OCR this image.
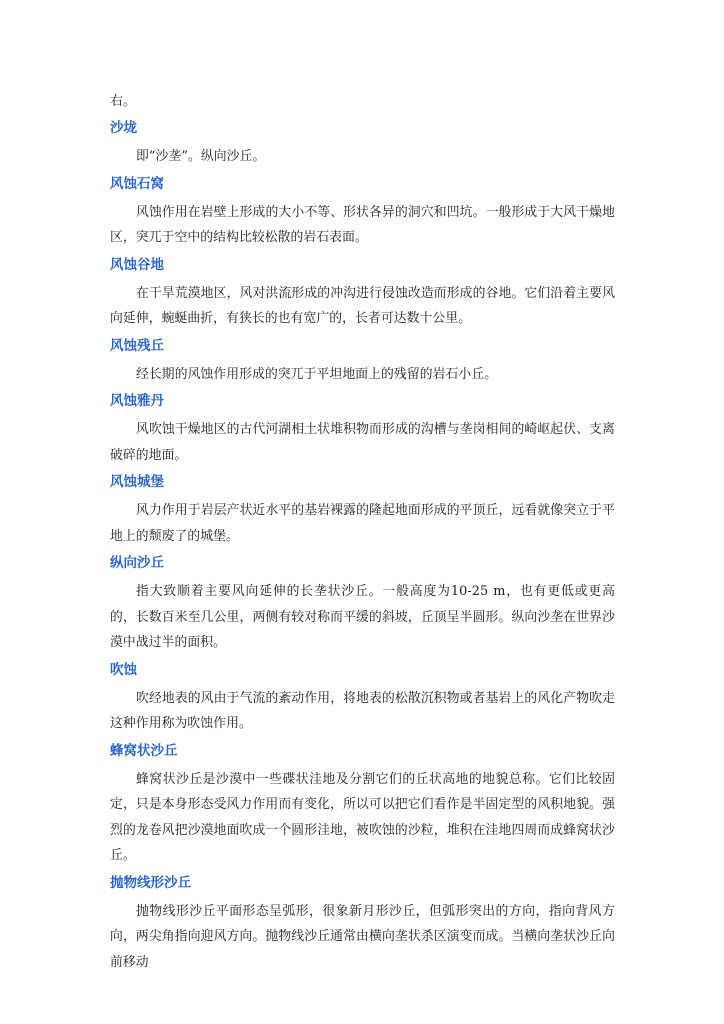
右。
沙垅
即“沙垄”。纵向沙丘。
风蚀石窝
风蚀作用在岩壁上形成的大小不等、形状各异的洞穴和凹坑。一般形成于大风干燥地区，突兀于空中的结构比较松散的岩石表面。
风蚀谷地
在干旱荒漠地区，风对洪流形成的冲沟进行侵蚀改造而形成的谷地。它们沿着主要风向延伸，蜿蜒曲折，有狭长的也有宽广的，长者可达数十公里。
风蚀残丘
经长期的风蚀作用形成的突兀于平坦地面上的残留的岩石小丘。
风蚀雅丹
风吹蚀干燥地区的古代河湖相土状堆积物而形成的沟槽与垄岗相间的崎岖起伏、支离破碎的地面。
风蚀城堡
风力作用于岩层产状近水平的基岩裸露的隆起地面形成的平顶丘，远看就像突立于平地上的颓废了的城堡。
纵向沙丘
指大致顺着主要风向延伸的长垄状沙丘。一般高度为10-25 m，也有更低或更高的，长数百米至几公里，两侧有较对称而平缓的斜坡，丘顶呈半圆形。纵向沙垄在世界沙漠中战过半的面积。
吹蚀
吹经地表的风由于气流的紊动作用，将地表的松散沉积物或者基岩上的风化产物吹走这种作用称为吹蚀作用。
蜂窝状沙丘
蜂窝状沙丘是沙漠中一些碟状洼地及分割它们的丘状高地的地貌总称。它们比较固定，只是本身形态受风力作用而有变化，所以可以把它们看作是半固定型的风积地貌。强烈的龙卷风把沙漠地面吹成一个圆形洼地，被吹蚀的沙粒，堆积在洼地四周而成蜂窝状沙丘。
抛物线形沙丘
抛物线形沙丘平面形态呈弧形，很象新月形沙丘，但弧形突出的方向，指向背风方向，两尖角指向迎风方向。抛物线沙丘通常由横向垄状杀区演变而成。当横向垄状沙丘向前移动
